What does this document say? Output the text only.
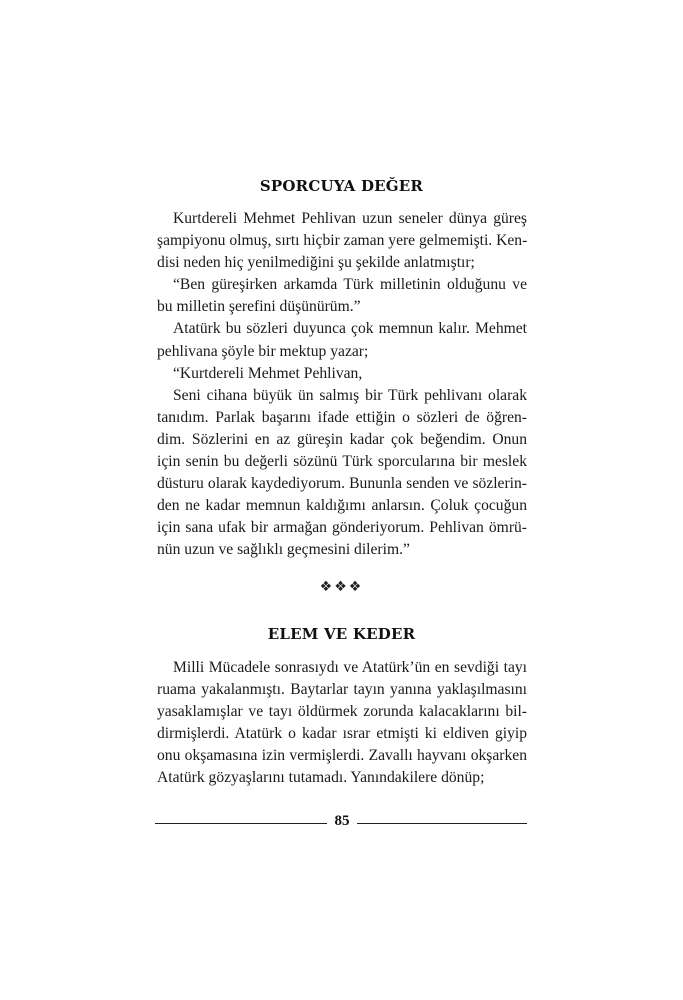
SPORCUYA DEĞER
Kurtdereli Mehmet Pehlivan uzun seneler dünya güreş
şampiyonu olmuş, sırtı hiçbir zaman yere gelmemişti. Ken-
disi neden hiç yenilmediğini şu şekilde anlatmıştır;
“Ben güreşirken arkamda Türk milletinin olduğunu ve
bu milletin şerefini düşünürüm.”
Atatürk bu sözleri duyunca çok memnun kalır. Mehmet
pehlivana şöyle bir mektup yazar;
“Kurtdereli Mehmet Pehlivan,
Seni cihana büyük ün salmış bir Türk pehlivanı olarak
tanıdım. Parlak başarını ifade ettiğin o sözleri de öğren-
dim. Sözlerini en az güreşin kadar çok beğendim. Onun
için senin bu değerli sözünü Türk sporcularına bir meslek
düsturu olarak kaydediyorum. Bununla senden ve sözlerin-
den ne kadar memnun kaldığımı anlarsın. Çoluk çocuğun
için sana ufak bir armağan gönderiyorum. Pehlivan ömrü-
nün uzun ve sağlıklı geçmesini dilerim.”
❖❖❖
ELEM VE KEDER
Milli Mücadele sonrasıydı ve Atatürk’ün en sevdiği tayı
ruama yakalanmıştı. Baytarlar tayın yanına yaklaşılmasını
yasaklamışlar ve tayı öldürmek zorunda kalacaklarını bil-
dirmişlerdi. Atatürk o kadar ısrar etmişti ki eldiven giyip
onu okşamasına izin vermişlerdi. Zavallı hayvanı okşarken
Atatürk gözyaşlarını tutamadı. Yanındakilere dönüp;
85
